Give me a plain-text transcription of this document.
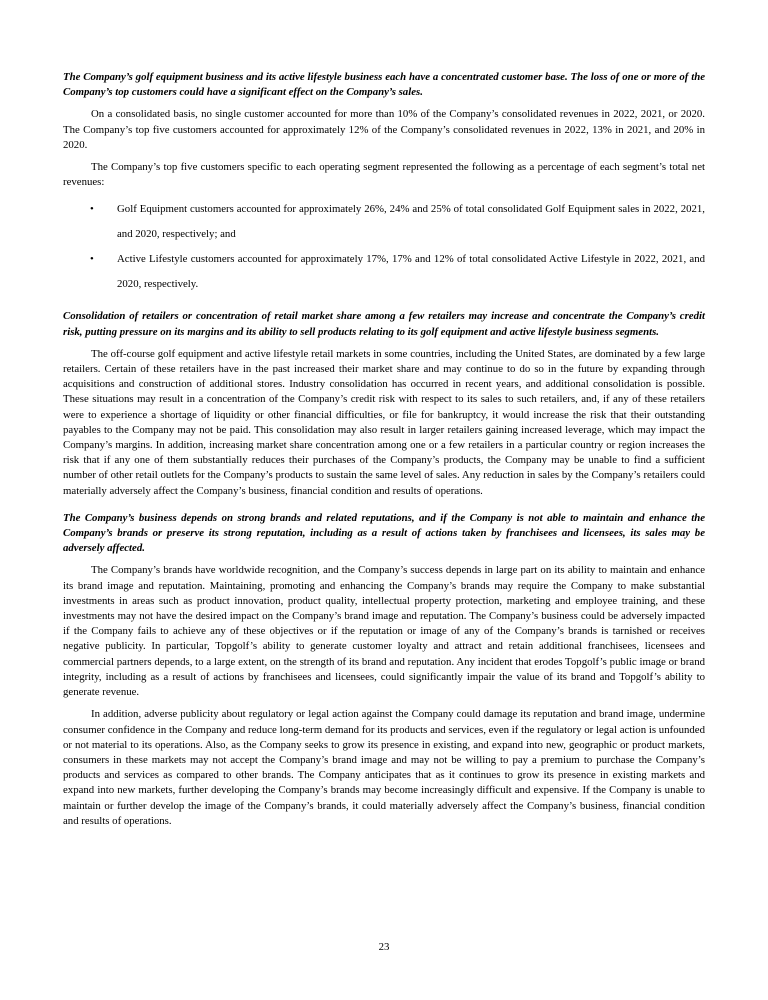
The Company’s golf equipment business and its active lifestyle business each have a concentrated customer base. The loss of one or more of the Company’s top customers could have a significant effect on the Company’s sales.
On a consolidated basis, no single customer accounted for more than 10% of the Company’s consolidated revenues in 2022, 2021, or 2020. The Company’s top five customers accounted for approximately 12% of the Company’s consolidated revenues in 2022, 13% in 2021, and 20% in 2020.
The Company’s top five customers specific to each operating segment represented the following as a percentage of each segment’s total net revenues:
•	Golf Equipment customers accounted for approximately 26%, 24% and 25% of total consolidated Golf Equipment sales in 2022, 2021, and 2020, respectively; and
•	Active Lifestyle customers accounted for approximately 17%, 17% and 12% of total consolidated Active Lifestyle in 2022, 2021, and 2020, respectively.
Consolidation of retailers or concentration of retail market share among a few retailers may increase and concentrate the Company’s credit risk, putting pressure on its margins and its ability to sell products relating to its golf equipment and active lifestyle business segments.
The off-course golf equipment and active lifestyle retail markets in some countries, including the United States, are dominated by a few large retailers. Certain of these retailers have in the past increased their market share and may continue to do so in the future by expanding through acquisitions and construction of additional stores. Industry consolidation has occurred in recent years, and additional consolidation is possible. These situations may result in a concentration of the Company’s credit risk with respect to its sales to such retailers, and, if any of these retailers were to experience a shortage of liquidity or other financial difficulties, or file for bankruptcy, it would increase the risk that their outstanding payables to the Company may not be paid. This consolidation may also result in larger retailers gaining increased leverage, which may impact the Company’s margins. In addition, increasing market share concentration among one or a few retailers in a particular country or region increases the risk that if any one of them substantially reduces their purchases of the Company’s products, the Company may be unable to find a sufficient number of other retail outlets for the Company’s products to sustain the same level of sales. Any reduction in sales by the Company’s retailers could materially adversely affect the Company’s business, financial condition and results of operations.
The Company’s business depends on strong brands and related reputations, and if the Company is not able to maintain and enhance the Company’s brands or preserve its strong reputation, including as a result of actions taken by franchisees and licensees, its sales may be adversely affected.
The Company’s brands have worldwide recognition, and the Company’s success depends in large part on its ability to maintain and enhance its brand image and reputation. Maintaining, promoting and enhancing the Company’s brands may require the Company to make substantial investments in areas such as product innovation, product quality, intellectual property protection, marketing and employee training, and these investments may not have the desired impact on the Company’s brand image and reputation. The Company’s business could be adversely impacted if the Company fails to achieve any of these objectives or if the reputation or image of any of the Company’s brands is tarnished or receives negative publicity. In particular, Topgolf’s ability to generate customer loyalty and attract and retain additional franchisees, licensees and commercial partners depends, to a large extent, on the strength of its brand and reputation. Any incident that erodes Topgolf’s public image or brand integrity, including as a result of actions by franchisees and licensees, could significantly impair the value of its brand and Topgolf’s ability to generate revenue.
In addition, adverse publicity about regulatory or legal action against the Company could damage its reputation and brand image, undermine consumer confidence in the Company and reduce long-term demand for its products and services, even if the regulatory or legal action is unfounded or not material to its operations. Also, as the Company seeks to grow its presence in existing, and expand into new, geographic or product markets, consumers in these markets may not accept the Company’s brand image and may not be willing to pay a premium to purchase the Company’s products and services as compared to other brands. The Company anticipates that as it continues to grow its presence in existing markets and expand into new markets, further developing the Company’s brands may become increasingly difficult and expensive. If the Company is unable to maintain or further develop the image of the Company’s brands, it could materially adversely affect the Company’s business, financial condition and results of operations.
23
